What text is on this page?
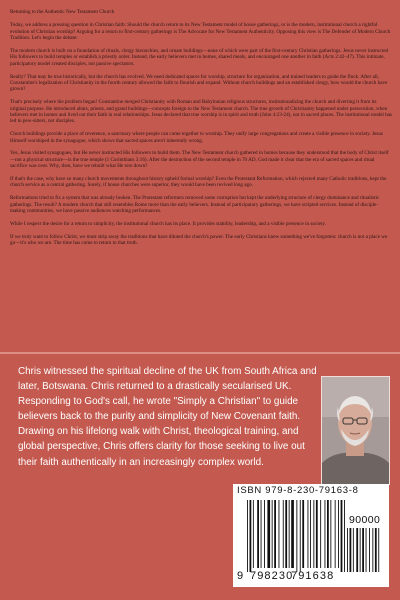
Returning to the Authentic New Testament Church

Today, we address a pressing question in Christian faith: Should the church return to its New Testament model of house gatherings, or is the modern, institutional church a rightful evolution of Christian worship? Arguing for a return to first-century gatherings is The Advocate for New Testament Authenticity. Opposing this view is The Defender of Modern Church Tradition. Let's begin the debate:

The modern church is built on a foundation of rituals, clergy hierarchies, and ornate buildings—none of which were part of the first-century Christian gatherings. Jesus never instructed His followers to build temples or establish a priestly order. Instead, the early believers met in homes, shared meals, and encouraged one another in faith (Acts 2:42–47). This intimate, participatory model created disciples, not passive spectators.

Really? That may be true historically, but the church has evolved. We need dedicated spaces for worship, structure for organization, and trained leaders to guide the flock. After all, Constantine's legalization of Christianity in the fourth century allowed the faith to flourish and expand. Without church buildings and an established clergy, how would the church have grown?

That's precisely where the problem began! Constantine merged Christianity with Roman and Babylonian religious structures, institutionalizing the church and diverting it from its original purpose. He introduced altars, priests, and grand buildings—concepts foreign to the New Testament church. The true growth of Christianity happened under persecution, when believers met in homes and lived out their faith in real relationships. Jesus declared that true worship is in spirit and truth (John 4:23-24), not in sacred places. The institutional model has led to pew-sitters, not disciples.

Church buildings provide a place of reverence, a sanctuary where people can come together to worship. They unify large congregations and create a visible presence in society. Jesus Himself worshiped in the synagogue, which shows that sacred spaces aren't inherently wrong.

Yes, Jesus visited synagogues, but He never instructed His followers to build them. The New Testament church gathered in homes because they understood that the body of Christ itself—not a physical structure—is the true temple (1 Corinthians 3:16). After the destruction of the second temple in 70 AD, God made it clear that the era of sacred spaces and ritual sacrifice was over. Why, then, have we rebuilt what He tore down?

If that's the case, why have so many church movements throughout history upheld formal worship? Even the Protestant Reformation, which rejected many Catholic traditions, kept the church service as a central gathering. Surely, if house churches were superior, they would have been revived long ago.

Reformations tried to fix a system that was already broken. The Protestant reformers removed some corruption but kept the underlying structure of clergy dominance and ritualistic gatherings. The result? A modern church that still resembles Rome more than the early believers. Instead of participatory gatherings, we have scripted services. Instead of disciple-making communities, we have passive audiences watching performances.

While I respect the desire for a return to simplicity, the institutional church has its place. It provides stability, leadership, and a visible presence in society.

If we truly want to follow Christ, we must strip away the traditions that have diluted the church's power. The early Christians knew something we've forgotten: church is not a place we go—it's who we are. The time has come to return to that truth.

Chris witnessed the spiritual decline of the UK from South Africa and later, Botswana. Chris returned to a drastically secularised UK. Responding to God's call, he wrote "Simply a Christian" to guide believers back to the purity and simplicity of New Covenant faith. Drawing on his lifelong walk with Christ, theological training, and global perspective, Chris offers clarity for those seeking to live out their faith authentically in an increasingly complex world.

ISBN 979-8-230-79163-8
90000
9 798230
791638
